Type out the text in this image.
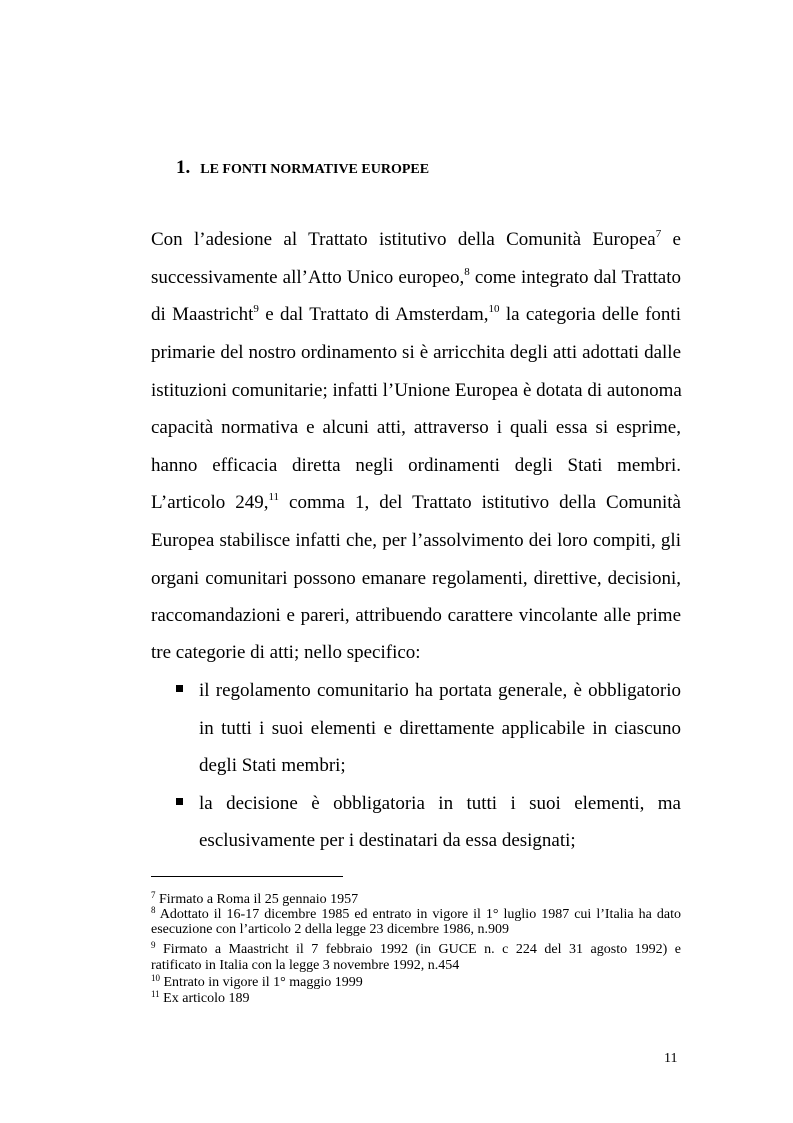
1. LE FONTI NORMATIVE EUROPEE
Con l’adesione al Trattato istitutivo della Comunità Europea$^7$ e
successivamente all’Atto Unico europeo,$^8$ come integrato dal Trattato
di Maastricht$^9$ e dal Trattato di Amsterdam,$^{10}$ la categoria delle fonti
primarie del nostro ordinamento si è arricchita degli atti adottati dalle
istituzioni comunitarie; infatti l’Unione Europea è dotata di autonoma
capacità normativa e alcuni atti, attraverso i quali essa si esprime,
hanno efficacia diretta negli ordinamenti degli Stati membri.
L’articolo 249,11 comma 1, del Trattato istitutivo della Comunità
Europea stabilisce infatti che, per l’assolvimento dei loro compiti, gli
organi comunitari possono emanare regolamenti, direttive, decisioni,
raccomandazioni e pareri, attribuendo carattere vincolante alle prime
tre categorie di atti; nello specifico:
il regolamento comunitario ha portata generale, è obbligatorio
in tutti i suoi elementi e direttamente applicabile in ciascuno
degli Stati membri;
la decisione è obbligatoria in tutti i suoi elementi, ma
esclusivamente per i destinatari da essa designati;
$^7$ Firmato a Roma il 25 gennaio 1957
$^8$ Adottato il 16-17 dicembre 1985 ed entrato in vigore il 1° luglio 1987 cui l’Italia ha dato
esecuzione con l’articolo 2 della legge 23 dicembre 1986, n.909
$^9$ Firmato a Maastricht il 7 febbraio 1992 (in GUCE n. c 224 del 31 agosto 1992) e
ratificato in Italia con la legge 3 novembre 1992, n.454
$^{10}$ Entrato in vigore il 1° maggio 1999
$^{11}$ Ex articolo 189
11
